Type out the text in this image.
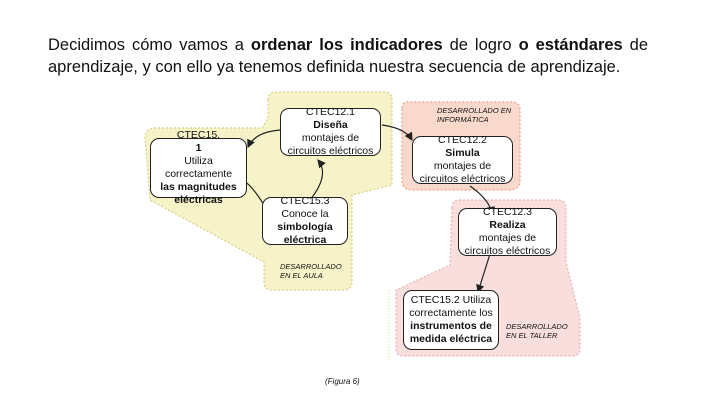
Decidimos cómo vamos a ordenar los indicadores de logro o estándares de aprendizaje, y con ello ya tenemos definida nuestra secuencia de aprendizaje.
CTEC12.1
Diseña
montajes de circuitos eléctricos
CTEC15.
1
Utiliza correctamente
las magnitudes eléctricas	CTEC15.3 Conoce la
simbología eléctrica
CTEC12.2
Simula
montajes de circuitos eléctricos
CTEC12.3
Realiza
montajes de circuitos eléctricos
CTEC15.2 Utiliza correctamente los
instrumentos de medida eléctrica
DESARROLLADO EN INFORMÁTICA
DESARROLLADO EN EL AULA
DESARROLLADO EN EL TALLER
(Figura 6)
